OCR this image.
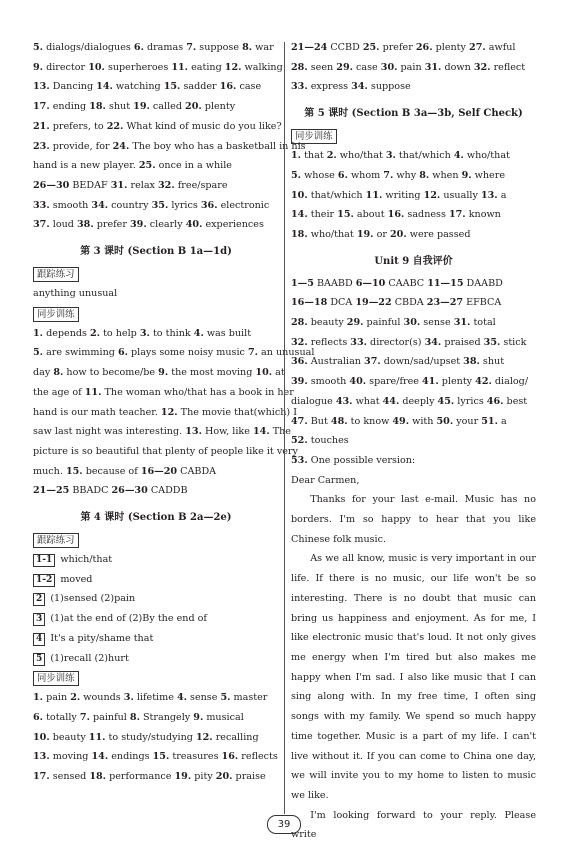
5. dialogs/dialogues 6. dramas 7. suppose 8. war
9. director 10. superheroes 11. eating 12. walking
13. Dancing 14. watching 15. sadder 16. case
17. ending 18. shut 19. called 20. plenty
21. prefers, to 22. What kind of music do you like?
23. provide, for 24. The boy who has a basketball in his
hand is a new player. 25. once in a while
26—30 BEDAF 31. relax 32. free/spare
33. smooth 34. country 35. lyrics 36. electronic
37. loud 38. prefer 39. clearly 40. experiences
第 3 课时 (Section B 1a—1d)
跟踪练习
anything unusual
同步训练
1. depends 2. to help 3. to think 4. was built
5. are swimming 6. plays some noisy music 7. an unusual
day 8. how to become/be 9. the most moving 10. at
the age of 11. The woman who/that has a book in her
hand is our math teacher. 12. The movie that(which) I
saw last night was interesting. 13. How, like 14. The
picture is so beautiful that plenty of people like it very
much. 15. because of 16—20 CABDA
21—25 BBADC 26—30 CADDB
第 4 课时 (Section B 2a—2e)
跟踪练习
1-1 which/that
1-2 moved
2 (1)sensed (2)pain
3 (1)at the end of (2)By the end of
4 It's a pity/shame that
5 (1)recall (2)hurt
同步训练
1. pain 2. wounds 3. lifetime 4. sense 5. master
6. totally 7. painful 8. Strangely 9. musical
10. beauty 11. to study/studying 12. recalling
13. moving 14. endings 15. treasures 16. reflects
17. sensed 18. performance 19. pity 20. praise
21—24 CCBD 25. prefer 26. plenty 27. awful
28. seen 29. case 30. pain 31. down 32. reflect
33. express 34. suppose
第 5 课时 (Section B 3a—3b, Self Check)
同步训练
1. that 2. who/that 3. that/which 4. who/that
5. whose 6. whom 7. why 8. when 9. where
10. that/which 11. writing 12. usually 13. a
14. their 15. about 16. sadness 17. known
18. who/that 19. or 20. were passed
Unit 9 自我评价
1—5 BAABD 6—10 CAABC 11—15 DAABD
16—18 DCA 19—22 CBDA 23—27 EFBCA
28. beauty 29. painful 30. sense 31. total
32. reflects 33. director(s) 34. praised 35. stick
36. Australian 37. down/sad/upset 38. shut
39. smooth 40. spare/free 41. plenty 42. dialog/
dialogue 43. what 44. deeply 45. lyrics 46. best
47. But 48. to know 49. with 50. your 51. a
52. touches
53. One possible version:
Dear Carmen,
Thanks for your last e-mail. Music has no borders. I'm so happy to hear that you like Chinese folk music.
As we all know, music is very important in our life. If there is no music, our life won't be so interesting. There is no doubt that music can bring us happiness and enjoyment. As for me, I like electronic music that's loud. It not only gives me energy when I'm tired but also makes me happy when I'm sad. I also like music that I can sing along with. In my free time, I often sing songs with my family. We spend so much happy time together. Music is a part of my life. I can't live without it. If you can come to China one day, we will invite you to my home to listen to music we like.
I'm looking forward to your reply. Please write
39
